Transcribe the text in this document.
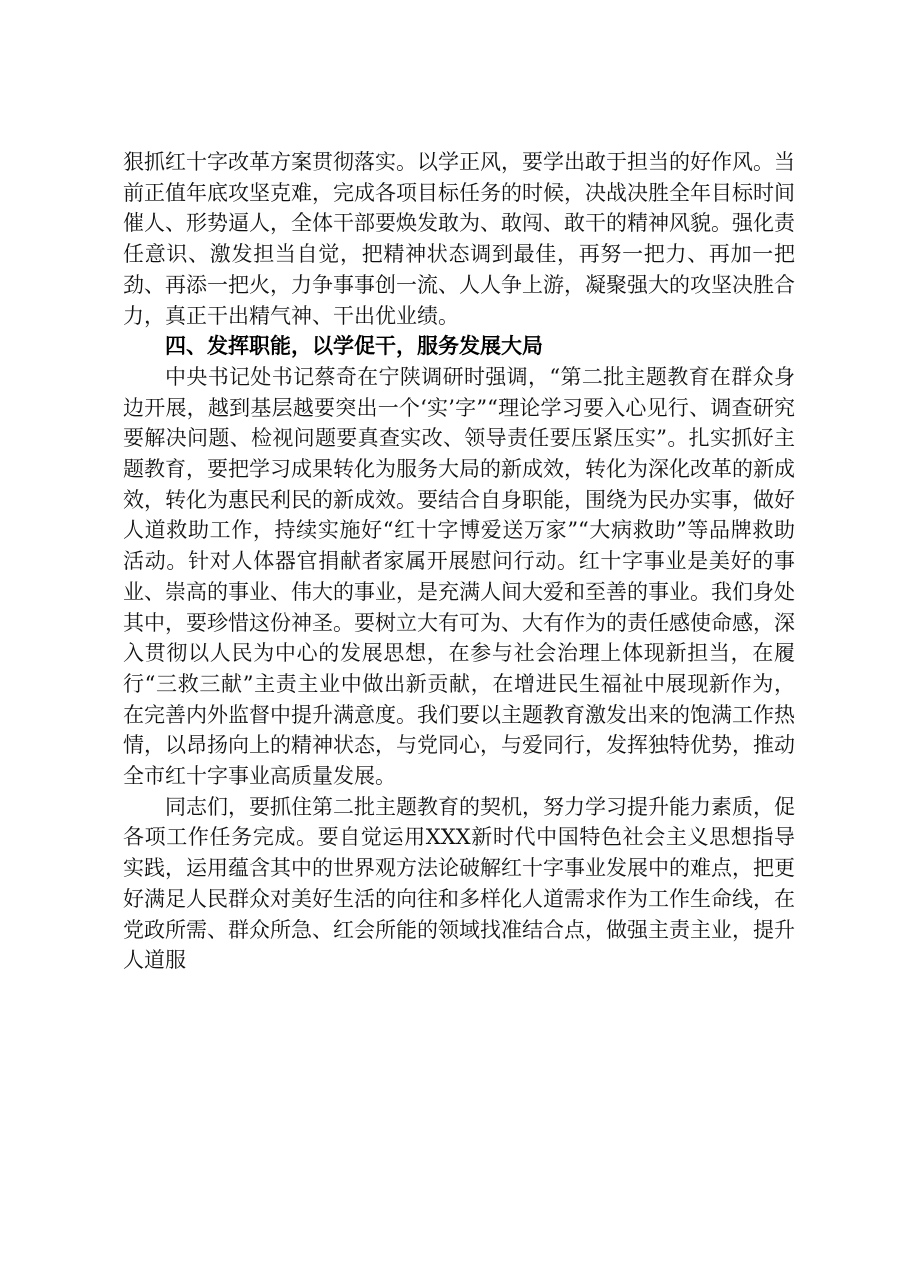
狠抓红十字改革方案贯彻落实。以学正风，要学出敢于担当的好作风。当前正值年底攻坚克难，完成各项目标任务的时候，决战决胜全年目标时间催人、形势逼人，全体干部要焕发敢为、敢闯、敢干的精神风貌。强化责任意识、激发担当自觉，把精神状态调到最佳，再努一把力、再加一把劲、再添一把火，力争事事创一流、人人争上游，凝聚强大的攻坚决胜合力，真正干出精气神、干出优业绩。

四、发挥职能，以学促干，服务发展大局

中央书记处书记蔡奇在宁陕调研时强调，“第二批主题教育在群众身边开展，越到基层越要突出一个‘实’字”“理论学习要入心见行、调查研究要解决问题、检视问题要真查实改、领导责任要压紧压实”。扎实抓好主题教育，要把学习成果转化为服务大局的新成效，转化为深化改革的新成效，转化为惠民利民的新成效。要结合自身职能，围绕为民办实事，做好人道救助工作，持续实施好“红十字博爱送万家”“大病救助”等品牌救助活动。针对人体器官捐献者家属开展慰问行动。红十字事业是美好的事业、崇高的事业、伟大的事业，是充满人间大爱和至善的事业。我们身处其中，要珍惜这份神圣。要树立大有可为、大有作为的责任感使命感，深入贯彻以人民为中心的发展思想，在参与社会治理上体现新担当，在履行“三救三献”主责主业中做出新贡献，在增进民生福祉中展现新作为，在完善内外监督中提升满意度。我们要以主题教育激发出来的饱满工作热情，以昂扬向上的精神状态，与党同心，与爱同行，发挥独特优势，推动全市红十字事业高质量发展。

同志们，要抓住第二批主题教育的契机，努力学习提升能力素质，促各项工作任务完成。要自觉运用XXX新时代中国特色社会主义思想指导实践，运用蕴含其中的世界观方法论破解红十字事业发展中的难点，把更好满足人民群众对美好生活的向往和多样化人道需求作为工作生命线，在党政所需、群众所急、红会所能的领域找准结合点，做强主责主业，提升人道服
